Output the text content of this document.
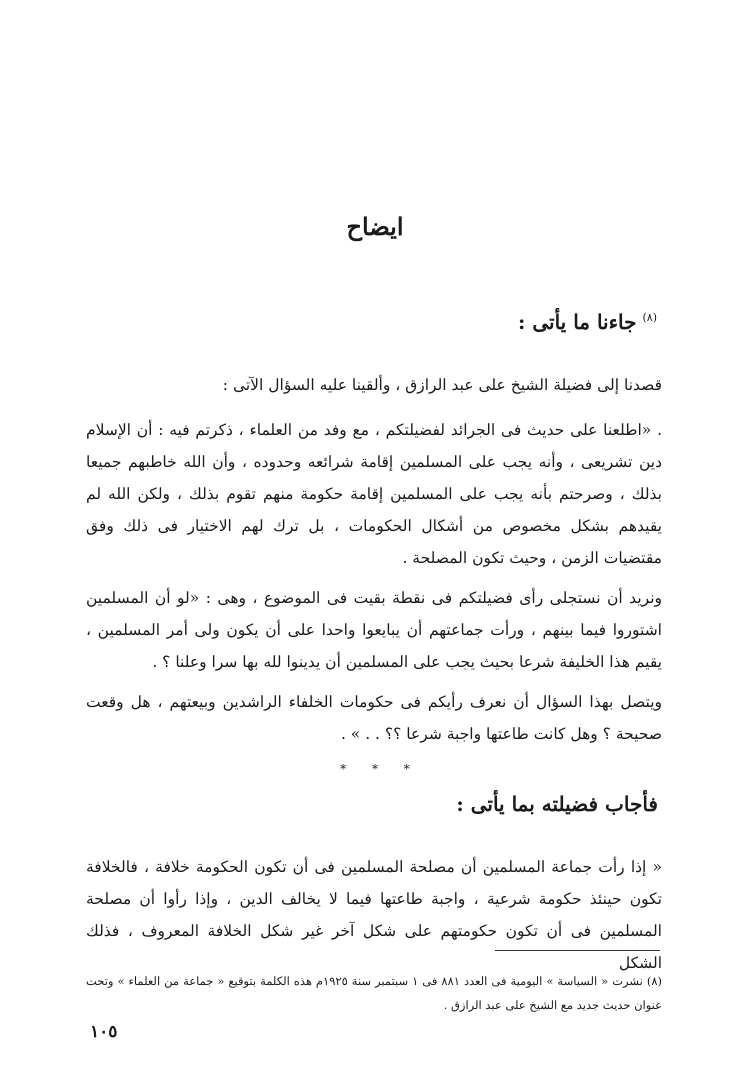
ايضاح
$^{(٨)}$جاءنا ما يأتى :

قصدنا إلى فضيلة الشيخ على عبد الرازق ، وألقينا عليه السؤال الآتى :

. «اطلعنا على حديث فى الجرائد لفضيلتكم ، مع وفد من العلماء ، ذكرتم فيه : أن الإسلام دين تشريعى ، وأنه يجب على المسلمين إقامة شرائعه وحدوده ، وأن الله خاطبهم جميعا بذلك ، وصرحتم بأنه يجب على المسلمين إقامة حكومة منهم تقوم بذلك ، ولكن الله لم يقيدهم بشكل مخصوص من أشكال الحكومات ، بل ترك لهم الاختيار فى ذلك وفق مقتضيات الزمن ، وحيث تكون المصلحة .

ونريد أن نستجلى رأى فضيلتكم فى نقطة بقيت فى الموضوع ، وهى : «لو أن المسلمين اشتوروا فيما بينهم ، ورأت جماعتهم أن يبايعوا واحدا على أن يكون ولى أمر المسلمين ، يقيم هذا الخليفة شرعا بحيث يجب على المسلمين أن يدينوا لله بها سرا وعلنا ؟ .

ويتصل بهذا السؤال أن نعرف رأيكم فى حكومات الخلفاء الراشدين وبيعتهم ، هل وقعت صحيحة ؟ وهل كانت طاعتها واجبة شرعا ؟؟ . . » .

* * *
فأجاب فضيلته بما يأتى :

« إذا رأت جماعة المسلمين أن مصلحة المسلمين فى أن تكون الحكومة خلافة ، فالخلافة تكون حينئذ حكومة شرعية ، واجبة طاعتها فيما لا يخالف الدين ، وإذا رأوا أن مصلحة المسلمين فى أن تكون حكومتهم على شكل آخر غير شكل الخلافة المعروف ، فذلك الشكل

(٨) نشرت « السياسة » اليومية فى العدد ٨٨١ فى ١ سبتمبر سنة ١٩٢٥م هذه الكلمة بتوقيع « جماعة من العلماء » وتحت عنوان حديث جديد مع الشيخ على عبد الرازق .

١٠٥
